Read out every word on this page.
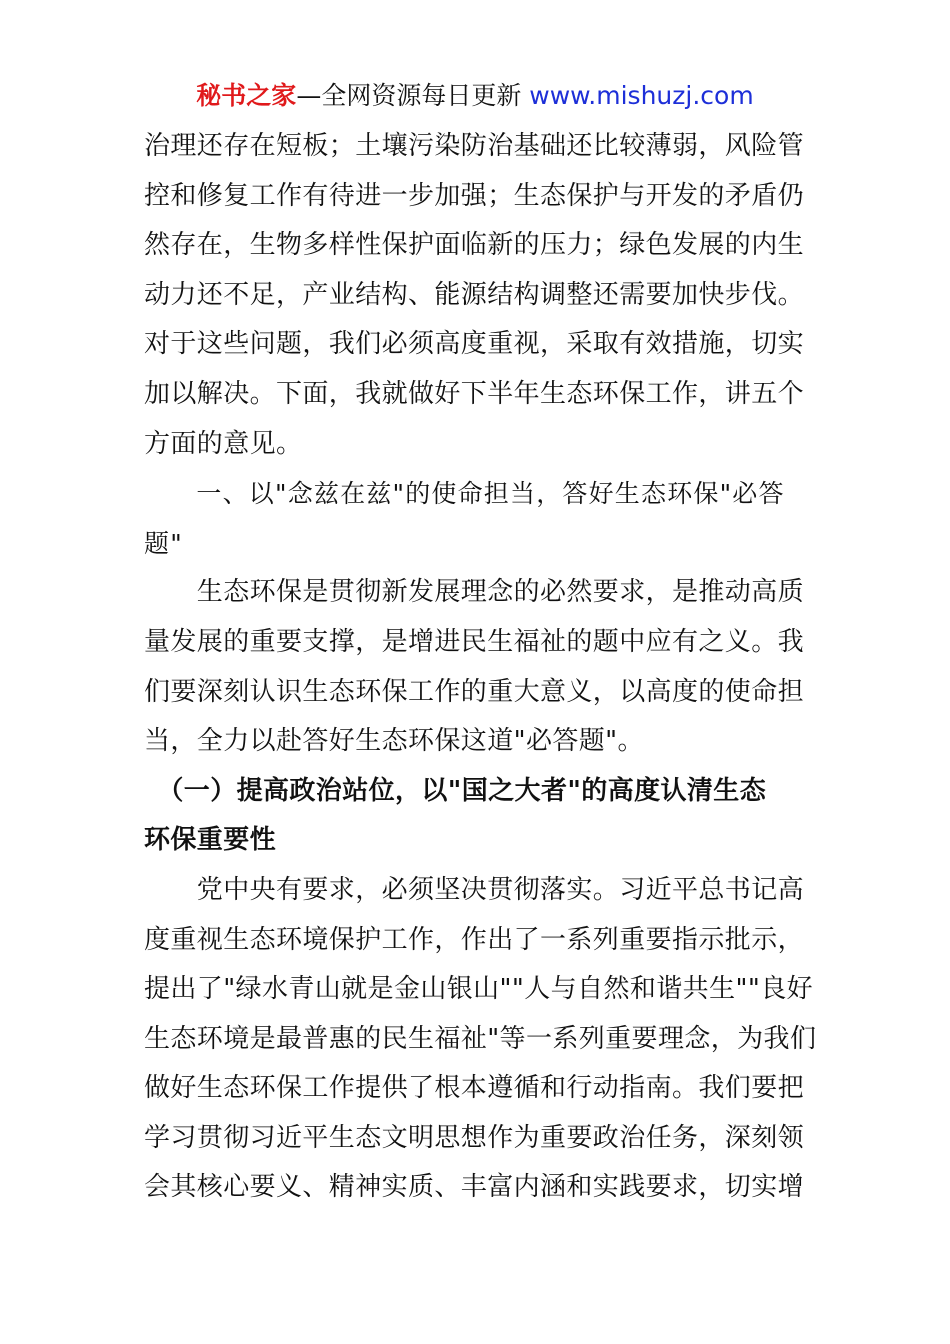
秘书之家—全网资源每日更新 www.mishuzj.com
治理还存在短板；土壤污染防治基础还比较薄弱，风险管
控和修复工作有待进一步加强；生态保护与开发的矛盾仍
然存在，生物多样性保护面临新的压力；绿色发展的内生
动力还不足，产业结构、能源结构调整还需要加快步伐。
对于这些问题，我们必须高度重视，采取有效措施，切实
加以解决。下面，我就做好下半年生态环保工作，讲五个
方面的意见。
　　一、以"念兹在兹"的使命担当，答好生态环保"必答
题"
　　生态环保是贯彻新发展理念的必然要求，是推动高质
量发展的重要支撑，是增进民生福祉的题中应有之义。我
们要深刻认识生态环保工作的重大意义，以高度的使命担
当，全力以赴答好生态环保这道"必答题"。
　（一）提高政治站位，以"国之大者"的高度认清生态
环保重要性
　　党中央有要求，必须坚决贯彻落实。习近平总书记高
度重视生态环境保护工作，作出了一系列重要指示批示，
提出了"绿水青山就是金山银山""人与自然和谐共生""良好
生态环境是最普惠的民生福祉"等一系列重要理念，为我们
做好生态环保工作提供了根本遵循和行动指南。我们要把
学习贯彻习近平生态文明思想作为重要政治任务，深刻领
会其核心要义、精神实质、丰富内涵和实践要求，切实增
